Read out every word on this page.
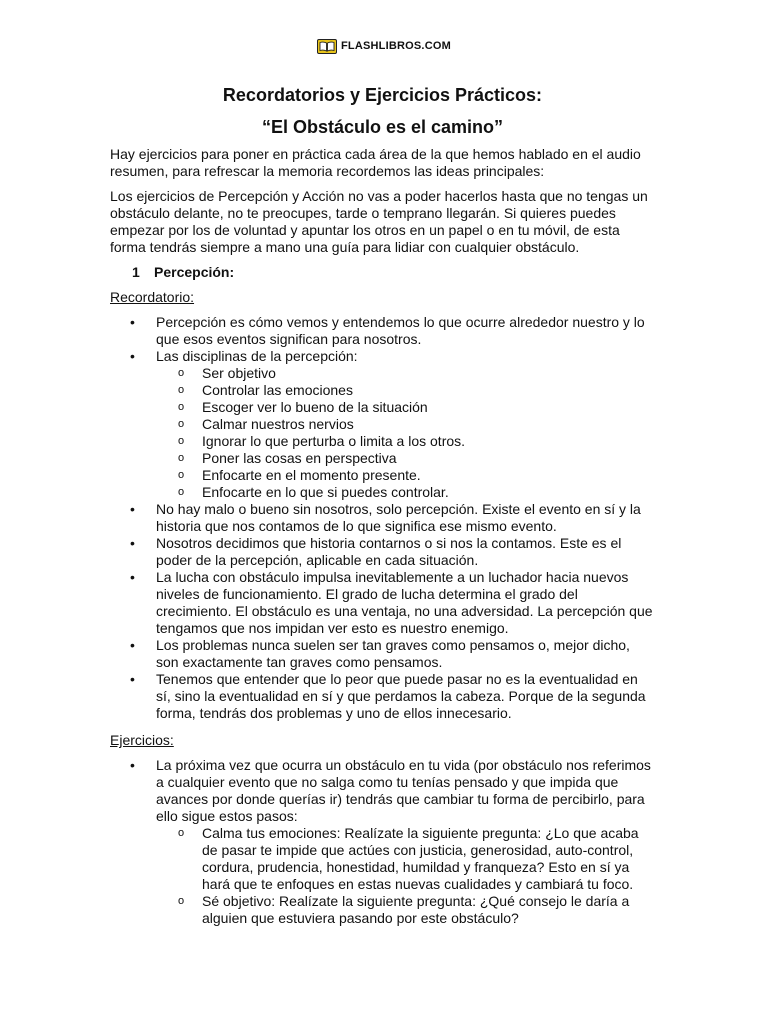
FLASHLIBROS.COM
Recordatorios y Ejercicios Prácticos:
“El Obstáculo es el camino”

Hay ejercicios para poner en práctica cada área de la que hemos hablado en el audio resumen, para refrescar la memoria recordemos las ideas principales:

Los ejercicios de Percepción y Acción no vas a poder hacerlos hasta que no tengas un obstáculo delante, no te preocupes, tarde o temprano llegarán. Si quieres puedes empezar por los de voluntad y apuntar los otros en un papel o en tu móvil, de esta forma tendrás siempre a mano una guía para lidiar con cualquier obstáculo.

1 Percepción:
Recordatorio:
• Percepción es cómo vemos y entendemos lo que ocurre alrededor nuestro y lo que esos eventos significan para nosotros.
• Las disciplinas de la percepción:
o Ser objetivo
o Controlar las emociones
o Escoger ver lo bueno de la situación
o Calmar nuestros nervios
o Ignorar lo que perturba o limita a los otros.
o Poner las cosas en perspectiva
o Enfocarte en el momento presente.
o Enfocarte en lo que si puedes controlar.
• No hay malo o bueno sin nosotros, solo percepción. Existe el evento en sí y la historia que nos contamos de lo que significa ese mismo evento.
• Nosotros decidimos que historia contarnos o si nos la contamos. Este es el poder de la percepción, aplicable en cada situación.
• La lucha con obstáculo impulsa inevitablemente a un luchador hacia nuevos niveles de funcionamiento. El grado de lucha determina el grado del crecimiento. El obstáculo es una ventaja, no una adversidad. La percepción que tengamos que nos impidan ver esto es nuestro enemigo.
• Los problemas nunca suelen ser tan graves como pensamos o, mejor dicho, son exactamente tan graves como pensamos.
• Tenemos que entender que lo peor que puede pasar no es la eventualidad en sí, sino la eventualidad en sí y que perdamos la cabeza. Porque de la segunda forma, tendrás dos problemas y uno de ellos innecesario.
Ejercicios:
• La próxima vez que ocurra un obstáculo en tu vida (por obstáculo nos referimos a cualquier evento que no salga como tu tenías pensado y que impida que avances por donde querías ir) tendrás que cambiar tu forma de percibirlo, para ello sigue estos pasos:
o Calma tus emociones: Realízate la siguiente pregunta: ¿Lo que acaba de pasar te impide que actúes con justicia, generosidad, auto-control, cordura, prudencia, honestidad, humildad y franqueza? Esto en sí ya hará que te enfoques en estas nuevas cualidades y cambiará tu foco.
o Sé objetivo: Realízate la siguiente pregunta: ¿Qué consejo le daría a alguien que estuviera pasando por este obstáculo?
